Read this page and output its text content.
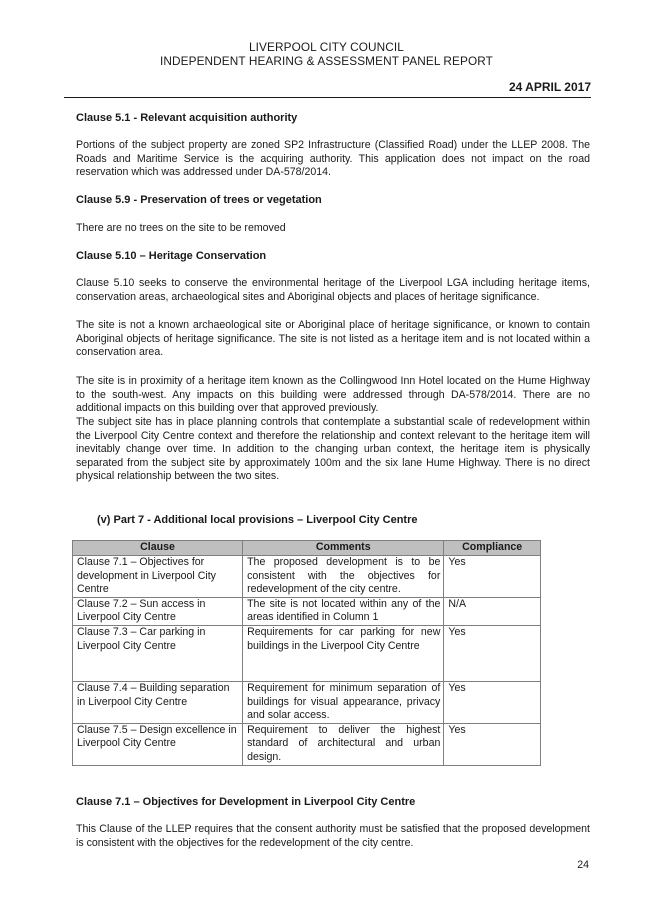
LIVERPOOL CITY COUNCIL
INDEPENDENT HEARING & ASSESSMENT PANEL REPORT
24 APRIL 2017
Clause 5.1 - Relevant acquisition authority
Portions of the subject property are zoned SP2 Infrastructure (Classified Road) under the LLEP 2008. The Roads and Maritime Service is the acquiring authority. This application does not impact on the road reservation which was addressed under DA-578/2014.
Clause 5.9 - Preservation of trees or vegetation
There are no trees on the site to be removed
Clause 5.10 – Heritage Conservation
Clause 5.10 seeks to conserve the environmental heritage of the Liverpool LGA including heritage items, conservation areas, archaeological sites and Aboriginal objects and places of heritage significance.
The site is not a known archaeological site or Aboriginal place of heritage significance, or known to contain Aboriginal objects of heritage significance. The site is not listed as a heritage item and is not located within a conservation area.
The site is in proximity of a heritage item known as the Collingwood Inn Hotel located on the Hume Highway to the south-west. Any impacts on this building were addressed through DA-578/2014. There are no additional impacts on this building over that approved previously.
The subject site has in place planning controls that contemplate a substantial scale of redevelopment within the Liverpool City Centre context and therefore the relationship and context relevant to the heritage item will inevitably change over time. In addition to the changing urban context, the heritage item is physically separated from the subject site by approximately 100m and the six lane Hume Highway. There is no direct physical relationship between the two sites.
(v) Part 7 - Additional local provisions – Liverpool City Centre
Clause	Comments	Compliance
Clause 7.1 – Objectives for development in Liverpool City Centre	The proposed development is to be consistent with the objectives for redevelopment of the city centre.	Yes
Clause 7.2 – Sun access in Liverpool City Centre	The site is not located within any of the areas identified in Column 1	N/A
Clause 7.3 – Car parking in Liverpool City Centre	Requirements for car parking for new buildings in the Liverpool City Centre	Yes
Clause 7.4 – Building separation in Liverpool City Centre	Requirement for minimum separation of buildings for visual appearance, privacy and solar access.	Yes
Clause 7.5 – Design excellence in Liverpool City Centre	Requirement to deliver the highest standard of architectural and urban design.	Yes
Clause 7.1 – Objectives for Development in Liverpool City Centre
This Clause of the LLEP requires that the consent authority must be satisfied that the proposed development is consistent with the objectives for the redevelopment of the city centre.
24
